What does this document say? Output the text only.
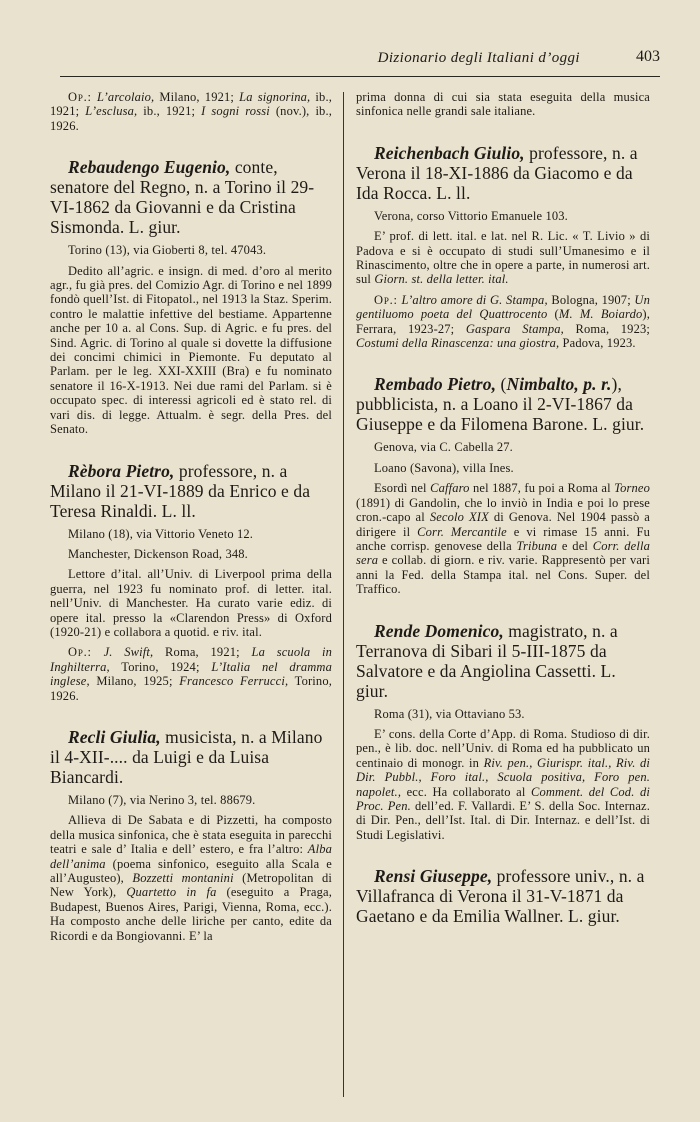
Dizionario degli Italiani d’oggi	403

Op.: L’arcolaio, Milano, 1921; La signorina, ib., 1921; L’esclusa, ib., 1921; I sogni rossi (nov.), ib., 1926.

Rebaudengo Eugenio, conte, senatore del Regno, n. a Torino il 29-VI-1862 da Giovanni e da Cristina Sismonda. L. giur.

Torino (13), via Gioberti 8, tel. 47043.

Dedito all’agric. e insign. di med. d’oro al merito agr., fu già pres. del Comizio Agr. di Torino e nel 1899 fondò quell’Ist. di Fitopatol., nel 1913 la Staz. Sperim. contro le malattie infettive del bestiame. Appartenne anche per 10 a. al Cons. Sup. di Agric. e fu pres. del Sind. Agric. di Torino al quale si dovette la diffusione dei concimi chimici in Piemonte. Fu deputato al Parlam. per le leg. XXI-XXIII (Bra) e fu nominato senatore il 16-X-1913. Nei due rami del Parlam. si è occupato spec. di interessi agricoli ed è stato rel. di vari dis. di legge. Attualm. è segr. della Pres. del Senato.

Rèbora Pietro, professore, n. a Milano il 21-VI-1889 da Enrico e da Teresa Rinaldi. L. ll.

Milano (18), via Vittorio Veneto 12.

Manchester, Dickenson Road, 348.

Lettore d’ital. all’Univ. di Liverpool prima della guerra, nel 1923 fu nominato prof. di letter. ital. nell’Univ. di Manchester. Ha curato varie ediz. di opere ital. presso la «Clarendon Press» di Oxford (1920-21) e collabora a quotid. e riv. ital.

Op.: J. Swift, Roma, 1921; La scuola in Inghilterra, Torino, 1924; L’Italia nel dramma inglese, Milano, 1925; Francesco Ferrucci, Torino, 1926.

Recli Giulia, musicista, n. a Milano il 4-XII-.... da Luigi e da Luisa Biancardi.

Milano (7), via Nerino 3, tel. 88679.

Allieva di De Sabata e di Pizzetti, ha composto della musica sinfonica, che è stata eseguita in parecchi teatri e sale d’ Italia e dell’ estero, e fra l’altro: Alba dell’anima (poema sinfonico, eseguito alla Scala e all’Augusteo), Bozzetti montanini (Metropolitan di New York), Quartetto in fa (eseguito a Praga, Budapest, Buenos Aires, Parigi, Vienna, Roma, ecc.). Ha composto anche delle liriche per canto, edite da Ricordi e da Bongiovanni. E’ la

prima donna di cui sia stata eseguita della musica sinfonica nelle grandi sale italiane.

Reichenbach Giulio, professore, n. a Verona il 18-XI-1886 da Giacomo e da Ida Rocca. L. ll.

Verona, corso Vittorio Emanuele 103.

E’ prof. di lett. ital. e lat. nel R. Lic. « T. Livio » di Padova e si è occupato di studi sull’Umanesimo e il Rinascimento, oltre che in opere a parte, in numerosi art. sul Giorn. st. della letter. ital.

Op.: L’altro amore di G. Stampa, Bologna, 1907; Un gentiluomo poeta del Quattrocento (M. M. Boiardo), Ferrara, 1923-27; Gaspara Stampa, Roma, 1923; Costumi della Rinascenza: una giostra, Padova, 1923.

Rembado Pietro, (Nimbalto, p. r.), pubblicista, n. a Loano il 2-VI-1867 da Giuseppe e da Filomena Barone. L. giur.

Genova, via C. Cabella 27.

Loano (Savona), villa Ines.

Esordì nel Caffaro nel 1887, fu poi a Roma al Torneo (1891) di Gandolin, che lo inviò in India e poi lo prese cron.-capo al Secolo XIX di Genova. Nel 1904 passò a dirigere il Corr. Mercantile e vi rimase 15 anni. Fu anche corrisp. genovese della Tribuna e del Corr. della sera e collab. di giorn. e riv. varie. Rappresentò per vari anni la Fed. della Stampa ital. nel Cons. Super. del Traffico.

Rende Domenico, magistrato, n. a Terranova di Sibari il 5-III-1875 da Salvatore e da Angiolina Cassetti. L. giur.

Roma (31), via Ottaviano 53.

E’ cons. della Corte d’App. di Roma. Studioso di dir. pen., è lib. doc. nell’Univ. di Roma ed ha pubblicato un centinaio di monogr. in Riv. pen., Giurispr. ital., Riv. di Dir. Pubbl., Foro ital., Scuola positiva, Foro pen. napolet., ecc. Ha collaborato al Comment. del Cod. di Proc. Pen. dell’ed. F. Vallardi. E’ S. della Soc. Internaz. di Dir. Pen., dell’Ist. Ital. di Dir. Internaz. e dell’Ist. di Studi Legislativi.

Rensi Giuseppe, professore univ., n. a Villafranca di Verona il 31-V-1871 da Gaetano e da Emilia Wallner. L. giur.
